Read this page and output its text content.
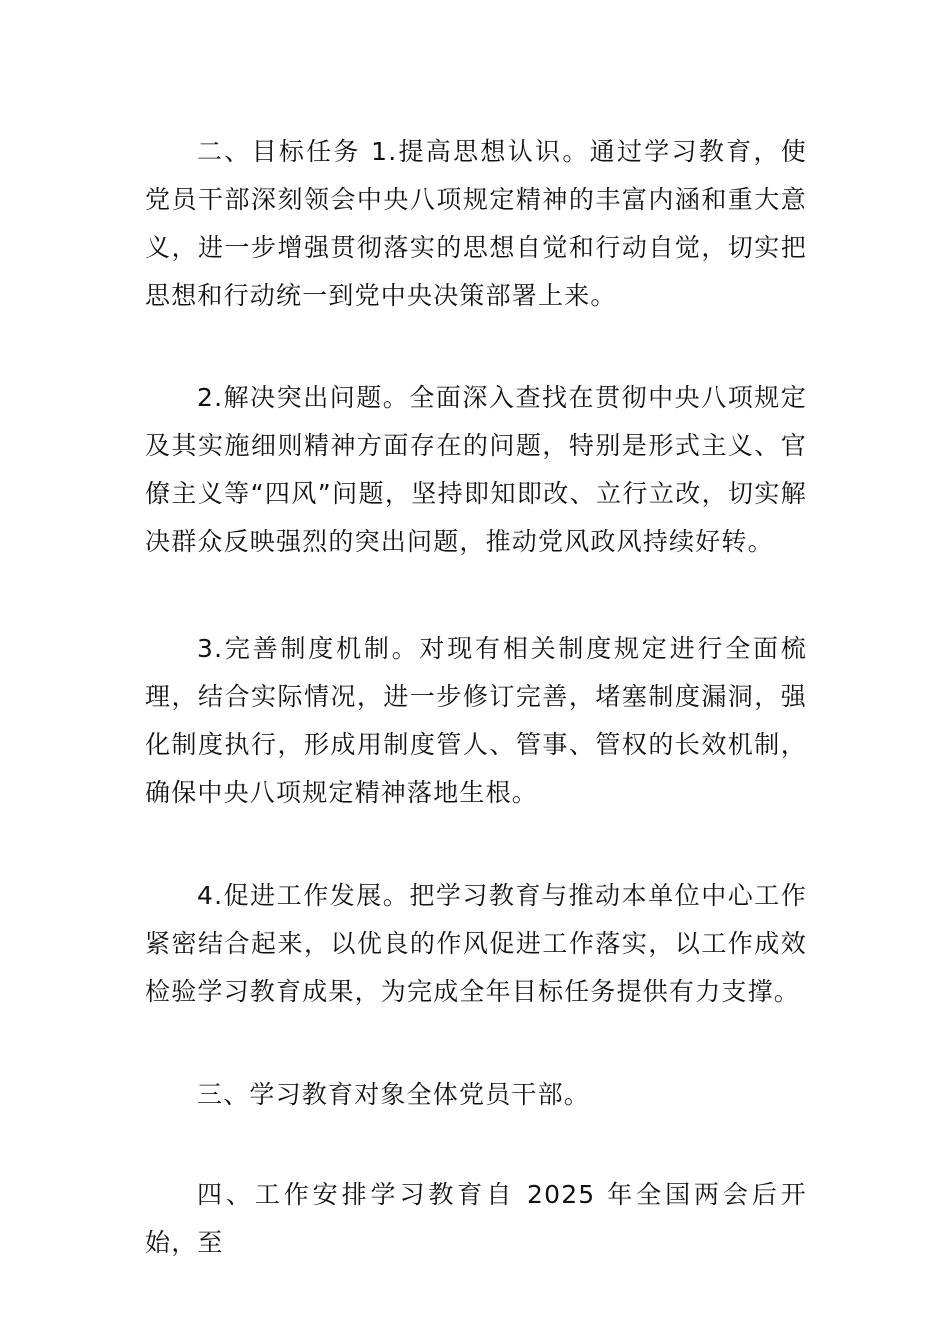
二、目标任务 1.提高思想认识。通过学习教育，使党员干部深刻领会中央八项规定精神的丰富内涵和重大意义，进一步增强贯彻落实的思想自觉和行动自觉，切实把思想和行动统一到党中央决策部署上来。

2.解决突出问题。全面深入查找在贯彻中央八项规定及其实施细则精神方面存在的问题，特别是形式主义、官僚主义等“四风”问题，坚持即知即改、立行立改，切实解决群众反映强烈的突出问题，推动党风政风持续好转。

3.完善制度机制。对现有相关制度规定进行全面梳理，结合实际情况，进一步修订完善，堵塞制度漏洞，强化制度执行，形成用制度管人、管事、管权的长效机制，确保中央八项规定精神落地生根。

4.促进工作发展。把学习教育与推动本单位中心工作紧密结合起来，以优良的作风促进工作落实，以工作成效检验学习教育成果，为完成全年目标任务提供有力支撑。

三、学习教育对象全体党员干部。

四、工作安排学习教育自 2025 年全国两会后开始，至
